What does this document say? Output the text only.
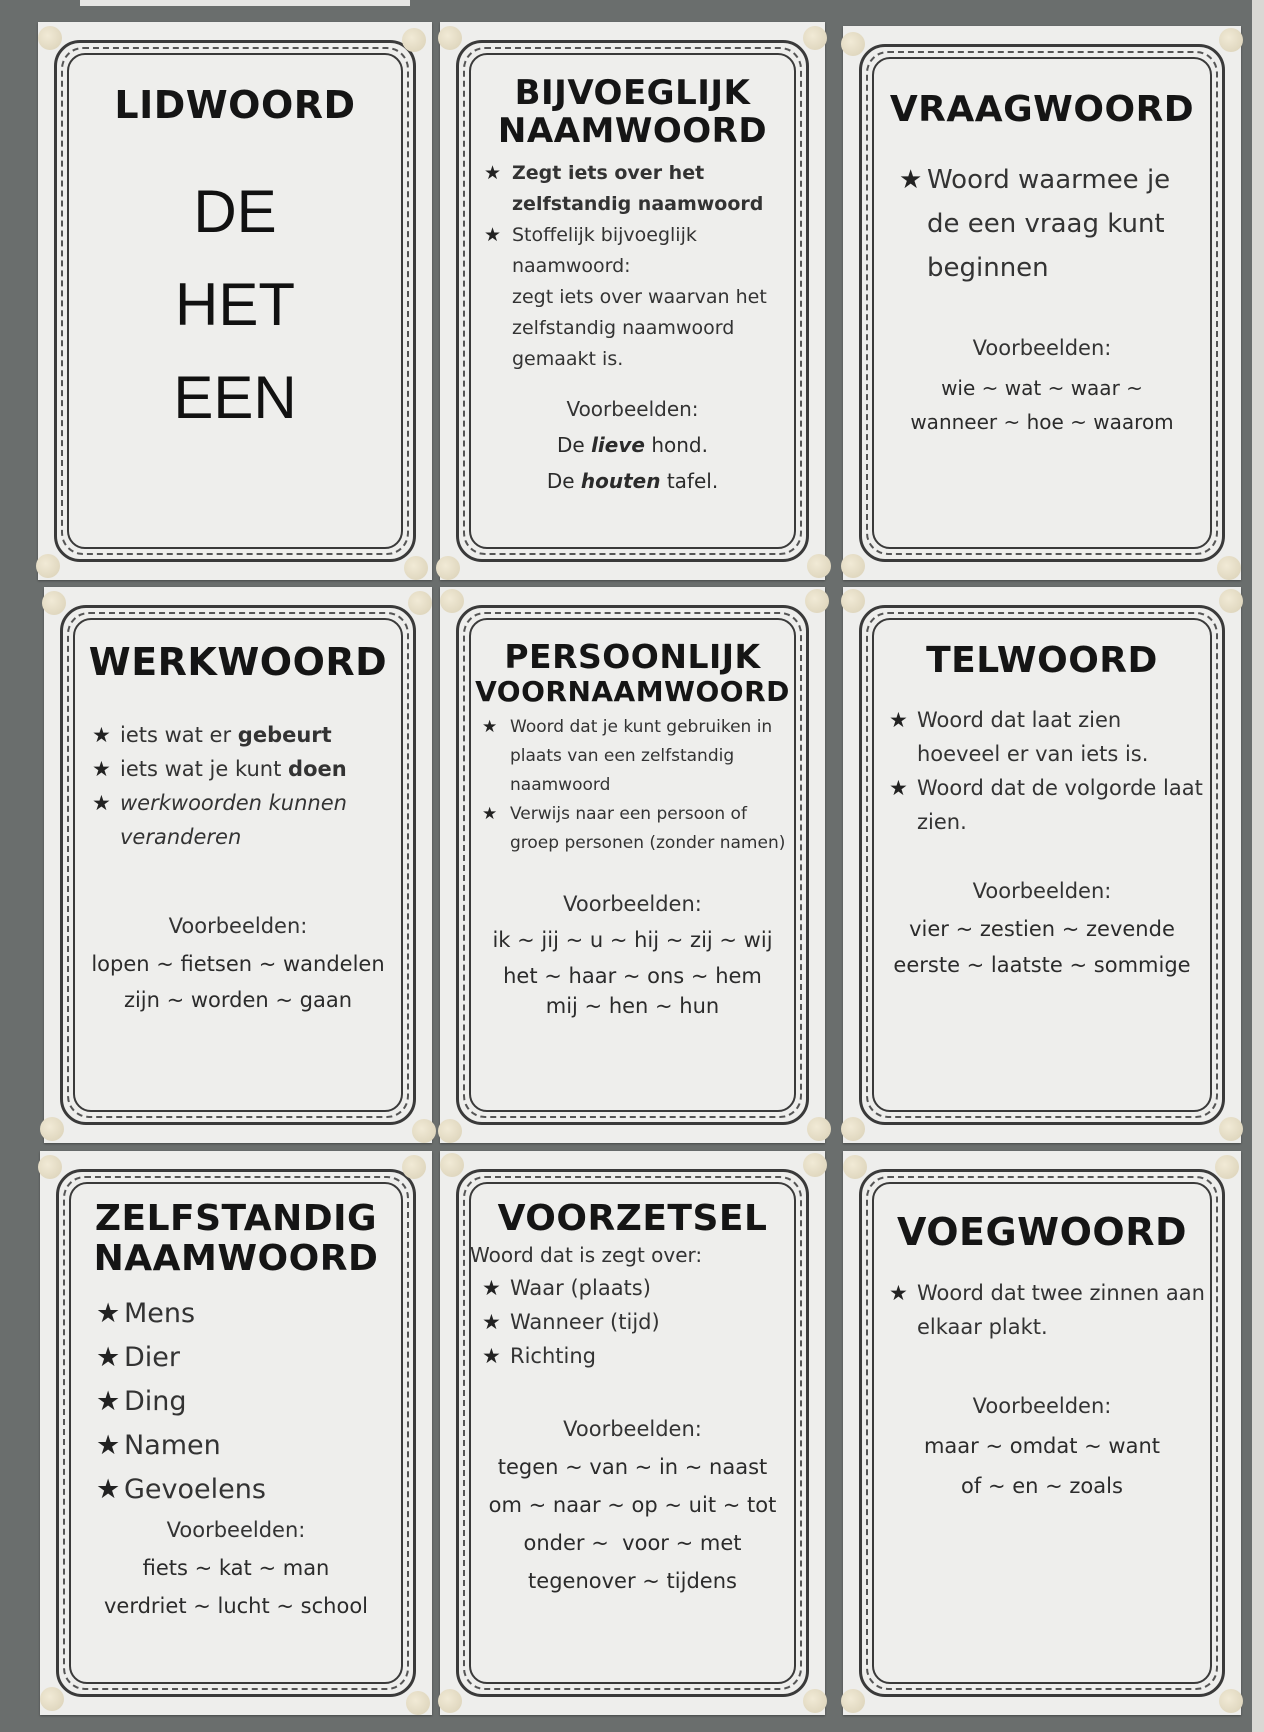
LIDWOORD
DE
HET
EEN
BIJVOEGLIJK
NAAMWOORD
★ Zegt iets over het zelfstandig naamwoord
★ Stoffelijk bijvoeglijk naamwoord:
zegt iets over waarvan het zelfstandig naamwoord gemaakt is.
Voorbeelden:
De lieve hond.
De houten tafel.
VRAAGWOORD
★ Woord waarmee je de een vraag kunt beginnen
Voorbeelden:
wie ~ wat ~ waar ~
wanneer ~ hoe ~ waarom
WERKWOORD
★ iets wat er gebeurt
★ iets wat je kunt doen
★ werkwoorden kunnen veranderen
Voorbeelden:
lopen ~ fietsen ~ wandelen
zijn ~ worden ~ gaan
PERSOONLIJK
VOORNAAMWOORD
★ Woord dat je kunt gebruiken in plaats van een zelfstandig naamwoord
★ Verwijs naar een persoon of groep personen (zonder namen)
Voorbeelden:
ik ~ jij ~ u ~ hij ~ zij ~ wij
het ~ haar ~ ons ~ hem
mij ~ hen ~ hun
TELWOORD
★ Woord dat laat zien hoeveel er van iets is.
★ Woord dat de volgorde laat zien.
Voorbeelden:
vier ~ zestien ~ zevende
eerste ~ laatste ~ sommige
ZELFSTANDIG
NAAMWOORD
★ Mens
★ Dier
★ Ding
★ Namen
★ Gevoelens
Voorbeelden:
fiets ~ kat ~ man
verdriet ~ lucht ~ school
VOORZETSEL
Woord dat is zegt over:
★ Waar (plaats)
★ Wanneer (tijd)
★ Richting
Voorbeelden:
tegen ~ van ~ in ~ naast
om ~ naar ~ op ~ uit ~ tot
onder ~  voor ~ met
tegenover ~ tijdens
VOEGWOORD
★ Woord dat twee zinnen aan elkaar plakt.
Voorbeelden:
maar ~ omdat ~ want
of ~ en ~ zoals
